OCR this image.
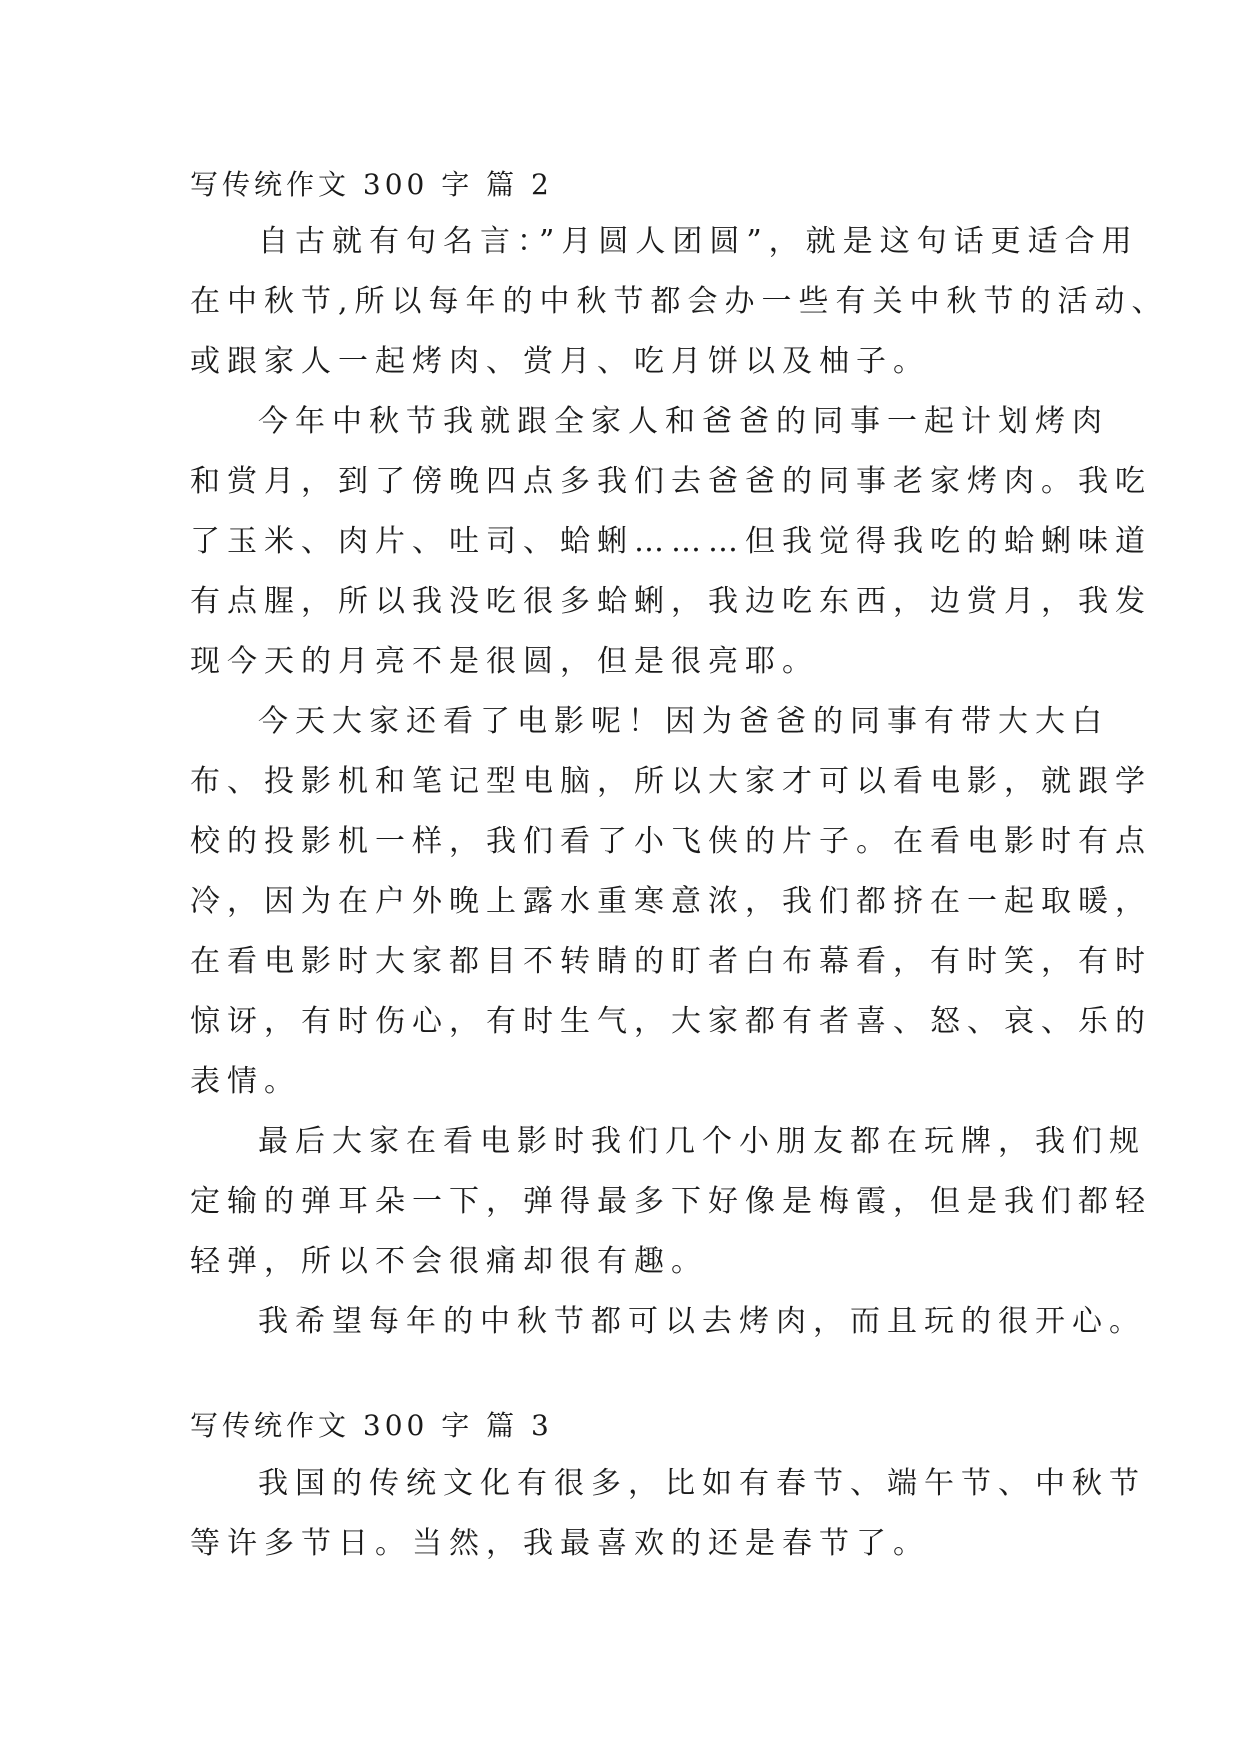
写传统作文 300 字 篇 2
自古就有句名言：”月圆人团圆”，就是这句话更适合用
在中秋节,所以每年的中秋节都会办一些有关中秋节的活动、
或跟家人一起烤肉、赏月、吃月饼以及柚子。
今年中秋节我就跟全家人和爸爸的同事一起计划烤肉
和赏月，到了傍晚四点多我们去爸爸的同事老家烤肉。我吃
了玉米、肉片、吐司、蛤蜊………但我觉得我吃的蛤蜊味道
有点腥，所以我没吃很多蛤蜊，我边吃东西，边赏月，我发
现今天的月亮不是很圆，但是很亮耶。
今天大家还看了电影呢！因为爸爸的同事有带大大白
布、投影机和笔记型电脑，所以大家才可以看电影，就跟学
校的投影机一样，我们看了小飞侠的片子。在看电影时有点
冷，因为在户外晚上露水重寒意浓，我们都挤在一起取暖，
在看电影时大家都目不转睛的盯者白布幕看，有时笑，有时
惊讶，有时伤心，有时生气，大家都有者喜、怒、哀、乐的
表情。
最后大家在看电影时我们几个小朋友都在玩牌，我们规
定输的弹耳朵一下，弹得最多下好像是梅霞，但是我们都轻
轻弹，所以不会很痛却很有趣。
我希望每年的中秋节都可以去烤肉，而且玩的很开心。
写传统作文 300 字 篇 3
我国的传统文化有很多，比如有春节、端午节、中秋节
等许多节日。当然，我最喜欢的还是春节了。
